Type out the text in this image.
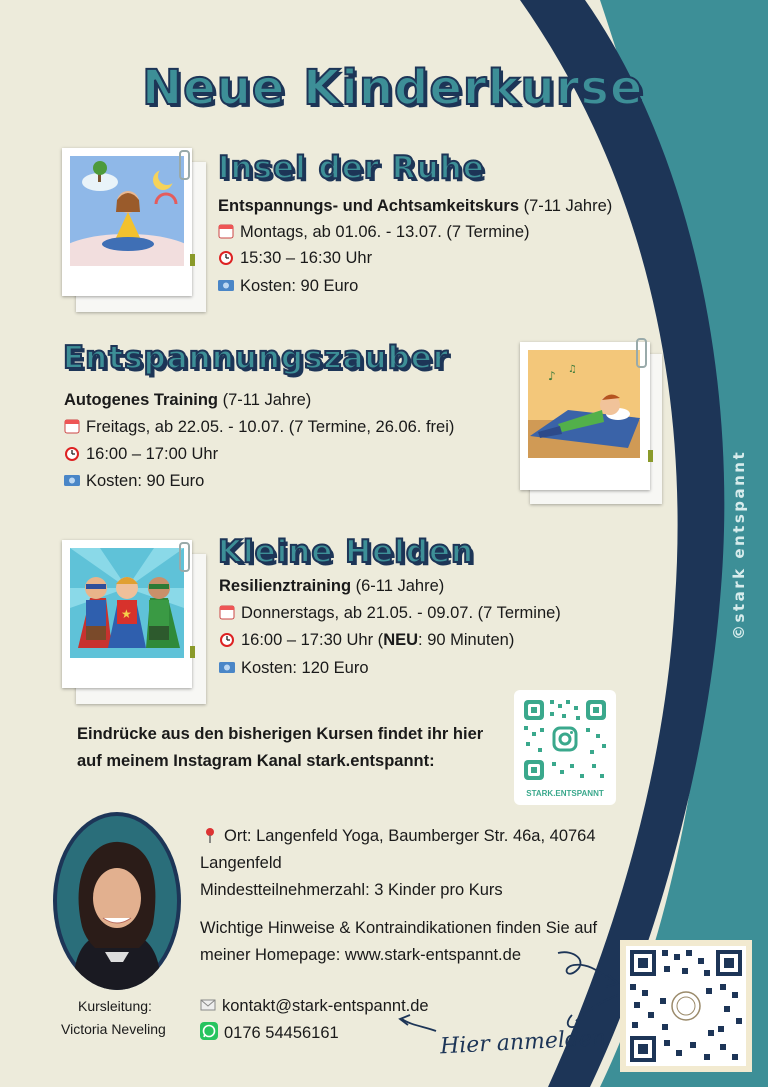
Neue Kinderkurse
Insel der Ruhe
Entspannungs- und Achtsamkeitskurs (7-11 Jahre)
Montags, ab 01.06. - 13.07. (7 Termine)
15:30 – 16:30 Uhr
Kosten: 90 Euro
Entspannungszauber
Autogenes Training (7-11 Jahre)
Freitags, ab 22.05. - 10.07. (7 Termine, 26.06. frei)
16:00 – 17:00 Uhr
Kosten: 90 Euro
♪ ♫
★
Kleine Helden
Resilienztraining (6-11 Jahre)
Donnerstags, ab 21.05. - 09.07. (7 Termine)
16:00 – 17:30 Uhr (NEU: 90 Minuten)
Kosten: 120 Euro
Eindrücke aus den bisherigen Kursen findet ihr hier
auf meinem Instagram Kanal stark.entspannt:
STARK.ENTSPANNT
Kursleitung:
Victoria Neveling
Ort: Langenfeld Yoga, Baumberger Str. 46a, 40764
Langenfeld
Mindestteilnehmerzahl: 3 Kinder pro Kurs
Wichtige Hinweise & Kontraindikationen finden Sie auf
meiner Homepage: www.stark-entspannt.de
kontakt@stark-entspannt.de
0176 54456161	Hier anmelden
©stark entspannt
